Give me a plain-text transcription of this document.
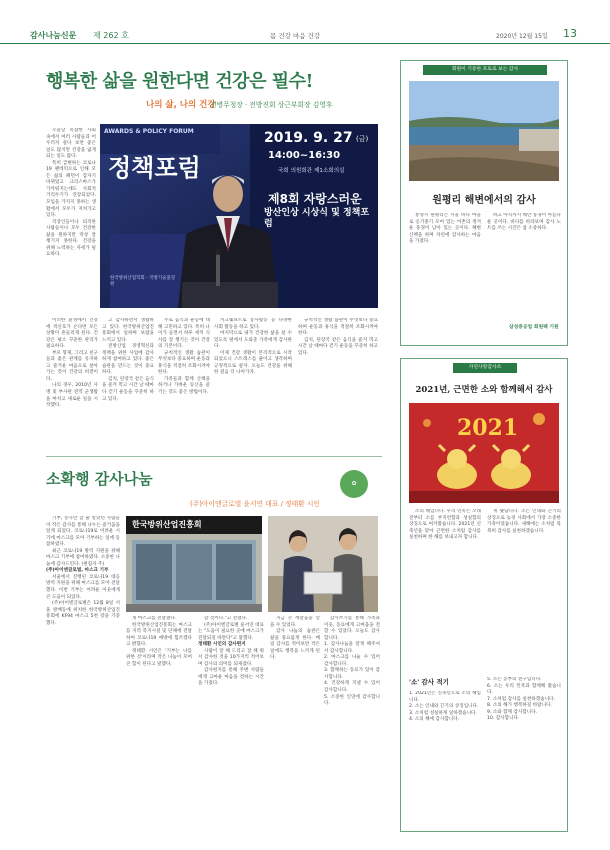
감사나눔신문 제 262 호	몸 건강 마음 건강	2020년 12월 15일 13
행복한 삶을 원한다면 건강은 필수!
나의 삶, 나의 건강
전병무청장 · 전방진회 상근부회장 김영후
AWARDS & POLICY FORUM
정책포럼
2019. 9. 27 (금)
14:00~16:30
국회 의원회관 제1소회의실
제8회 자랑스러운
방산인상 시상식 및 정책포럼
한국방위산업학회 · 국방기술품질원

오늘날 복잡한 사회 속에서 여러 사람들과 어우러져 살다 보면 좋은 일도 많지만 건강을 잃게 되는 일도 많다.

특히 급변하는 코로나19 팬데믹으로 인해 모든 삶의 패턴이 갑자기 바뀌었고 크리스마스가 가까워지는데도 사회적 거리두기가 연장되었다. 모임을 가지지 못하는 생활에서 모두가 지쳐가고 있다.

직장인들이나 퇴직한 사람들이나 모두 건강한 삶을 원하지만 막상 잘 챙기지 못한다. 건강을 위해 노력하는 자세가 필요하다.

이러한 환경에서 건강에 적신호가 온다면 모든 상황이 흔들리게 된다. 건강은 평소 꾸준한 관리가 필요하다.

부모 형제, 그리고 친구들과 좋은 관계를 유지하고 즐거운 마음으로 살아가는 것이 건강의 비결이다.

나의 경우, 2010년 사병 및 부사관 전역 군생활을 마치고 새로운 일을 시작했다.

고 감사하면서 생활하고 있다. 한국방위산업진흥회에서 일하며 보람을 느끼고 있다.

전방산업 경영혁신과 정책을 위한 사업에 감사하게 참여하고 있다. 좋은 습관을 만드는 것이 중요하다.

김치, 된장국 같은 음식을 즐겨 먹고 시간 날 때마다 걷기 운동을 꾸준히 하고 있다.

주로 음식과 운동에 대해 고민하고 있다. 특히 나이가 들면서 하루 세끼 식사를 잘 챙기는 것이 건강의 기본이다.

규칙적인 생활 습관이 무엇보다 중요하며 운동과 휴식을 적절히 조화시켜야 한다.

가족들과 함께 산책을 하거나 가벼운 등산을 즐기는 것도 좋은 방법이다.

커크웨프트로 봉사활동 등 다양한 사회 활동을 하고 있다.

마지막으로 내가 건강한 삶을 살 수 있도록 옆에서 도와준 가족에게 감사한다.

이제 건강 생활이 본격적으로 시작되었으니 스트레스를 줄이고 생각하며 긍정적으로 살자. 오늘도 건강을 위해 한 걸음 더 나아가자.

규칙적인 생활 습관이 무엇보다 중요하며 운동과 휴식을 적절히 조화시켜야 한다.

김치, 된장국 같은 음식을 즐겨 먹고 시간 날 때마다 걷기 운동을 꾸준히 하고 있다.

소확행 감사나눔
(주)아이엔글로벌 윤서연 대표 / 정태환 시인
✿

기부, 봉사만 할 줄 알았던 사람들이 작은 감사를 통해 나누는 즐거움을 알게 되었다. 코로나19로 어려운 시기에 마스크를 모아 기부하는 일에 동참하였다.

최근 코로나19 방역 지원을 위해 마스크 기부에 참여하였다. 소중한 나눔에 감사드린다. (편집자 주)

(주)아이엔글로벌, 마스크 기부

서울에서 진행된 코로나19 대응 방역 지원을 위해 마스크를 모아 전달했다. 이번 기부는 어려운 이웃에게 큰 도움이 되었다.

(주)아이엔글로벌은 12월 8일 서울 방배동에 위치한 한국방위산업진흥회에 KF94 마스크 5천 장을 기증했다.

한국방위산업진흥회

게 마스크를 전달했다.

한국방위산업진흥회는 마스크를 지역 복지시설 및 단체에 전달하여 코로나19 예방에 힘쓰겠다고 밝혔다.

정태환 시인은 '기부는 나를 위한 것'이라며 작은 나눔이 모여 큰 힘이 된다고 말했다.

할 것이다."고 전했다.

(주)아이엔글로벌 윤서연 대표는 "도움이 필요한 곳에 마스크가 전달되길 바란다"고 말했다.

정태환 시인의 감사편지

사람이 잘 해 드리고 잘 해 줘서 감사한 것을 10가지씩 적어보며 감사의 의미를 되새겼다.

감사편지를 통해 주변 사람들에게 고마운 마음을 전하는 시간을 가졌다.

지금 큰 깨달음을 얻을 수 있었다.

감사 나눔의 습관은 삶을 풍요롭게 한다. 매일 감사를 적어보면 작은 일에도 행복을 느끼게 된다.

감사쓰기를 통해 가족과 이웃, 동료에게 고마움을 전할 수 있었다. 오늘도 감사합니다.

1. 감사나눔을 알게 해주셔서 감사합니다.

2. 마스크를 나눌 수 있어 감사합니다.

3. 함께하는 동료가 있어 감사합니다.

4. 건강하게 지낼 수 있어 감사합니다.

5. 소중한 인연에 감사합니다.

회원이 기증한 포토로 보는 감사
원평리 해변에서의 감사

통영시 원평리는 시골 바다 마을로 옹기종기 모여 있는 어촌의 정겨운 풍경이 남아 있는 곳이다. 해변 산책을 하며 자연에 감사하는 마음을 가졌다.

하고 아직까지 해안 풍경이 아름다운 곳이다. 바다를 바라보며 감사 노트를 쓰는 시간은 참 소중하다.

삼성중공업 회원팩 기원
자연사랑감사쓰
2021년, 근면한 소와 함께해서 감사
2021

소의 해입니다. 우리 민족은 오래전부터 소를 부지런함과 성실함의 상징으로 여겨왔습니다. 2021년 신축년을 맞아 근면한 소처럼 감사를 실천하며 한 해를 보내고자 합니다.

게 됐답니다. 소는 인내와 끈기의 상징으로 농경 사회에서 가장 소중한 가축이었습니다. 새해에는 소처럼 묵묵히 감사를 실천하겠습니다.

'소' 감사 적기

1. 2021년은 신축년으로 소의 해입니다.

2. 소는 인내와 끈기의 상징입니다.

3. 소처럼 성실하게 일하겠습니다.

4. 소의 해에 감사합니다.

5. 소는 농부의 친구입니다.

6. 소는 우리 민족과 함께해 왔습니다.

7. 소처럼 감사를 실천하겠습니다.

8. 소의 해가 행복하길 바랍니다.

9. 소와 함께 감사합니다.

10. 감사합니다.
